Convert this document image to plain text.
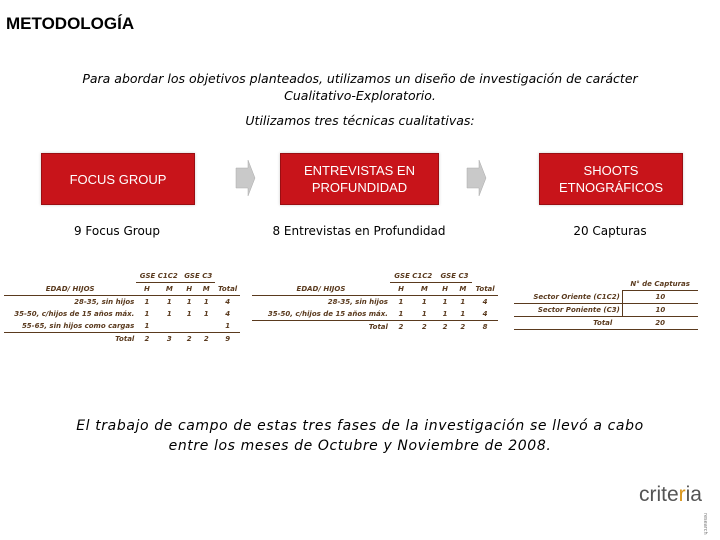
METODOLOGÍA
Para abordar los objetivos planteados, utilizamos un diseño de investigación de carácter
Cualitativo-Exploratorio.
Utilizamos tres técnicas cualitativas:
FOCUS GROUP
ENTREVISTAS EN
PROFUNDIDAD
SHOOTS
ETNOGRÁFICOS
9 Focus Group	8 Entrevistas en Profundidad	20 Capturas
	GSE C1C2		GSE C3		
EDAD/ HIJOS	H	M	H	M	Total
28-35, sin hijos	1	1	1	1	4
35-50, c/hijos de 15 años máx.	1	1	1	1	4
55-65, sin hijos como cargas	1				1
Total	2	3	2	2	9
	GSE C1C2		GSE C3		
EDAD/ HIJOS	H	M	H	M	Total
28-35, sin hijos	1	1	1	1	4
35-50, c/hijos de 15 años máx.	1	1	1	1	4
Total	2	2	2	2	8
	N° de Capturas
Sector Oriente (C1C2)	10
Sector Poniente (C3)	10
Total	20
El trabajo de campo de estas tres fases de la investigación se llevó a cabo
entre los meses de Octubre y Noviembre de 2008.
criteria
research
